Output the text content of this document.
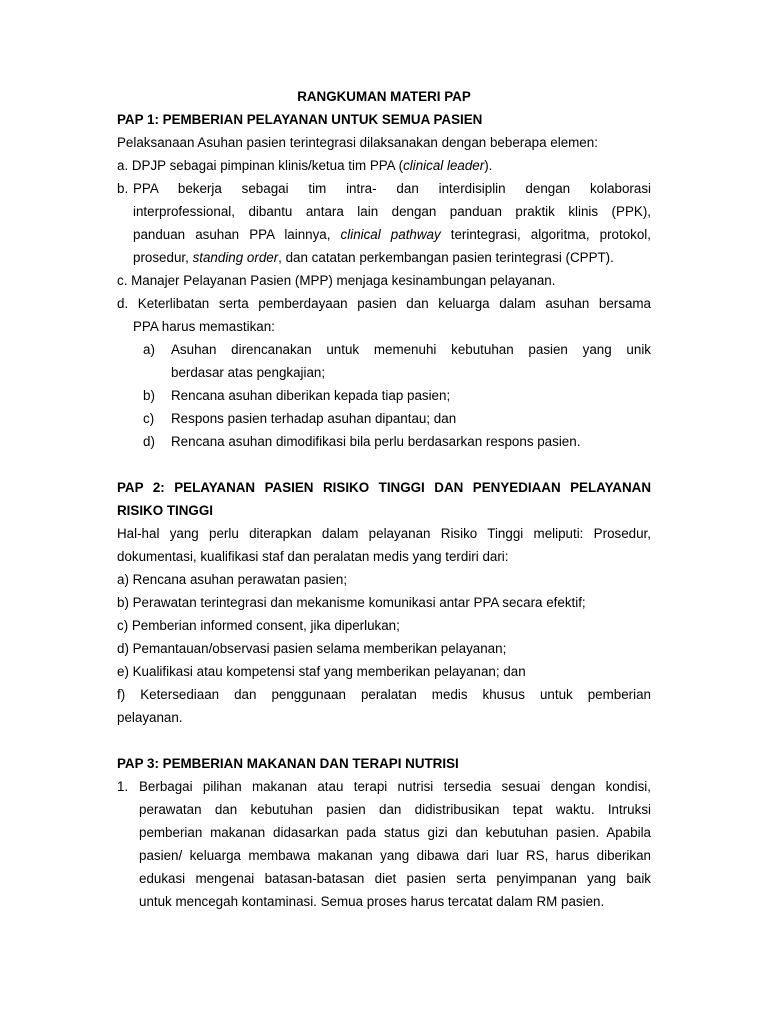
RANGKUMAN MATERI PAP
PAP 1: PEMBERIAN PELAYANAN UNTUK SEMUA PASIEN
Pelaksanaan Asuhan pasien terintegrasi dilaksanakan dengan beberapa elemen:
a. DPJP sebagai pimpinan klinis/ketua tim PPA (clinical leader).
b. PPA bekerja sebagai tim intra- dan interdisiplin dengan kolaborasi
interprofessional, dibantu antara lain dengan panduan praktik klinis (PPK),
panduan asuhan PPA lainnya, clinical pathway terintegrasi, algoritma, protokol,
prosedur, standing order, dan catatan perkembangan pasien terintegrasi (CPPT).
c. Manajer Pelayanan Pasien (MPP) menjaga kesinambungan pelayanan.
d. Keterlibatan serta pemberdayaan pasien dan keluarga dalam asuhan bersama
PPA harus memastikan:
a)	Asuhan direncanakan untuk memenuhi kebutuhan pasien yang unik
berdasar atas pengkajian;
b)	Rencana asuhan diberikan kepada tiap pasien;
c)	Respons pasien terhadap asuhan dipantau; dan
d)	Rencana asuhan dimodifikasi bila perlu berdasarkan respons pasien.
PAP 2: PELAYANAN PASIEN RISIKO TINGGI DAN PENYEDIAAN PELAYANAN
RISIKO TINGGI
Hal-hal yang perlu diterapkan dalam pelayanan Risiko Tinggi meliputi: Prosedur,
dokumentasi, kualifikasi staf dan peralatan medis yang terdiri dari:
a) Rencana asuhan perawatan pasien;
b) Perawatan terintegrasi dan mekanisme komunikasi antar PPA secara efektif;
c) Pemberian informed consent, jika diperlukan;
d) Pemantauan/observasi pasien selama memberikan pelayanan;
e) Kualifikasi atau kompetensi staf yang memberikan pelayanan; dan
f) Ketersediaan dan penggunaan peralatan medis khusus untuk pemberian
pelayanan.
PAP 3: PEMBERIAN MAKANAN DAN TERAPI NUTRISI
1. Berbagai pilihan makanan atau terapi nutrisi tersedia sesuai dengan kondisi,
perawatan dan kebutuhan pasien dan didistribusikan tepat waktu. Intruksi
pemberian makanan didasarkan pada status gizi dan kebutuhan pasien. Apabila
pasien/ keluarga membawa makanan yang dibawa dari luar RS, harus diberikan
edukasi mengenai batasan-batasan diet pasien serta penyimpanan yang baik
untuk mencegah kontaminasi. Semua proses harus tercatat dalam RM pasien.
